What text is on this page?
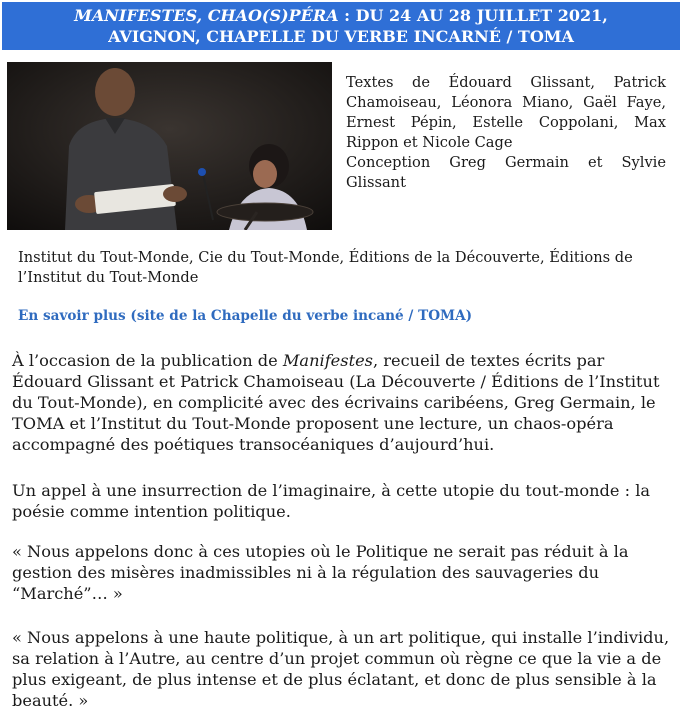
MANIFESTES, CHAO(S)PÉRA : DU 24 AU 28 JUILLET 2021,
AVIGNON, CHAPELLE DU VERBE INCARNÉ / TOMA
Textes de Édouard Glissant, Patrick Chamoiseau, Léonora Miano, Gaël Faye, Ernest Pépin, Estelle Coppolani, Max Rippon et Nicole Cage
Conception Greg Germain et Sylvie Glissant
Institut du Tout-Monde, Cie du Tout-Monde, Éditions de la Découverte, Éditions de l’Institut du Tout-Monde
En savoir plus (site de la Chapelle du verbe incané / TOMA)
À l’occasion de la publication de Manifestes, recueil de textes écrits par Édouard Glissant et Patrick Chamoiseau (La Découverte / Éditions de l’Institut du Tout-Monde), en complicité avec des écrivains caribéens, Greg Germain, le TOMA et l’Institut du Tout-Monde proposent une lecture, un chaos-opéra accompagné des poétiques transocéaniques d’aujourd’hui.
Un appel à une insurrection de l’imaginaire, à cette utopie du tout-monde : la poésie comme intention politique.
« Nous appelons donc à ces utopies où le Politique ne serait pas réduit à la gestion des misères inadmissibles ni à la régulation des sauvageries du “Marché”… »
« Nous appelons à une haute politique, à un art politique, qui installe l’individu, sa relation à l’Autre, au centre d’un projet commun où règne ce que la vie a de plus exigeant, de plus intense et de plus éclatant, et donc de plus sensible à la beauté. »
